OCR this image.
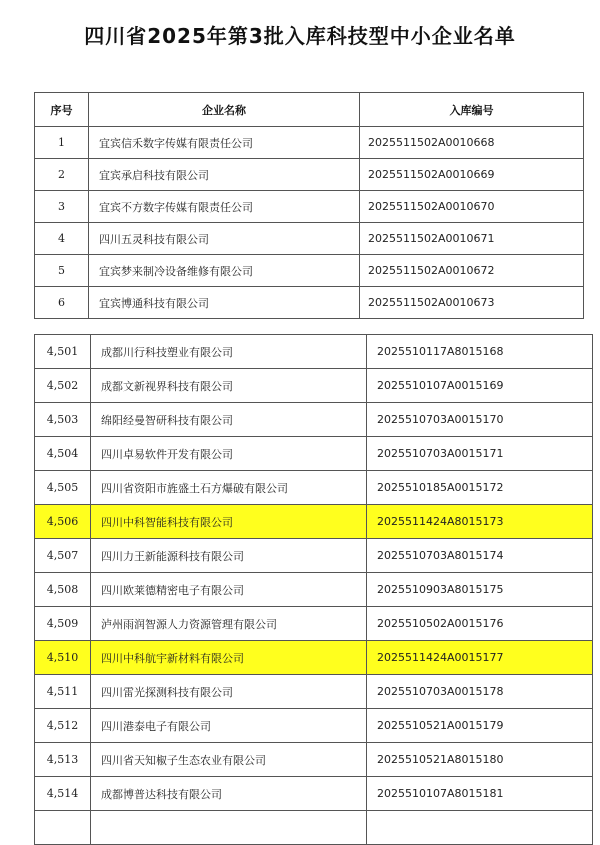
四川省2025年第3批入库科技型中小企业名单
序号	企业名称	入库编号
1	宜宾信禾数字传媒有限责任公司	2025511502A0010668
2	宜宾承启科技有限公司	2025511502A0010669
3	宜宾不方数字传媒有限责任公司	2025511502A0010670
4	四川五灵科技有限公司	2025511502A0010671
5	宜宾梦来制冷设备维修有限公司	2025511502A0010672
6	宜宾博通科技有限公司	2025511502A0010673
4,501	成都川行科技塑业有限公司	2025510117A8015168
4,502	成都文新视界科技有限公司	2025510107A0015169
4,503	绵阳经曼智研科技有限公司	2025510703A0015170
4,504	四川卓易软件开发有限公司	2025510703A0015171
4,505	四川省资阳市旌盛土石方爆破有限公司	2025510185A0015172
4,506	四川中科智能科技有限公司	2025511424A8015173
4,507	四川力王新能源科技有限公司	2025510703A8015174
4,508	四川欧莱德精密电子有限公司	2025510903A8015175
4,509	泸州雨润智源人力资源管理有限公司	2025510502A0015176
4,510	四川中科航宇新材料有限公司	2025511424A0015177
4,511	四川雷光探测科技有限公司	2025510703A0015178
4,512	四川港泰电子有限公司	2025510521A0015179
4,513	四川省天知椒子生态农业有限公司	2025510521A8015180
4,514	成都博普达科技有限公司	2025510107A8015181
